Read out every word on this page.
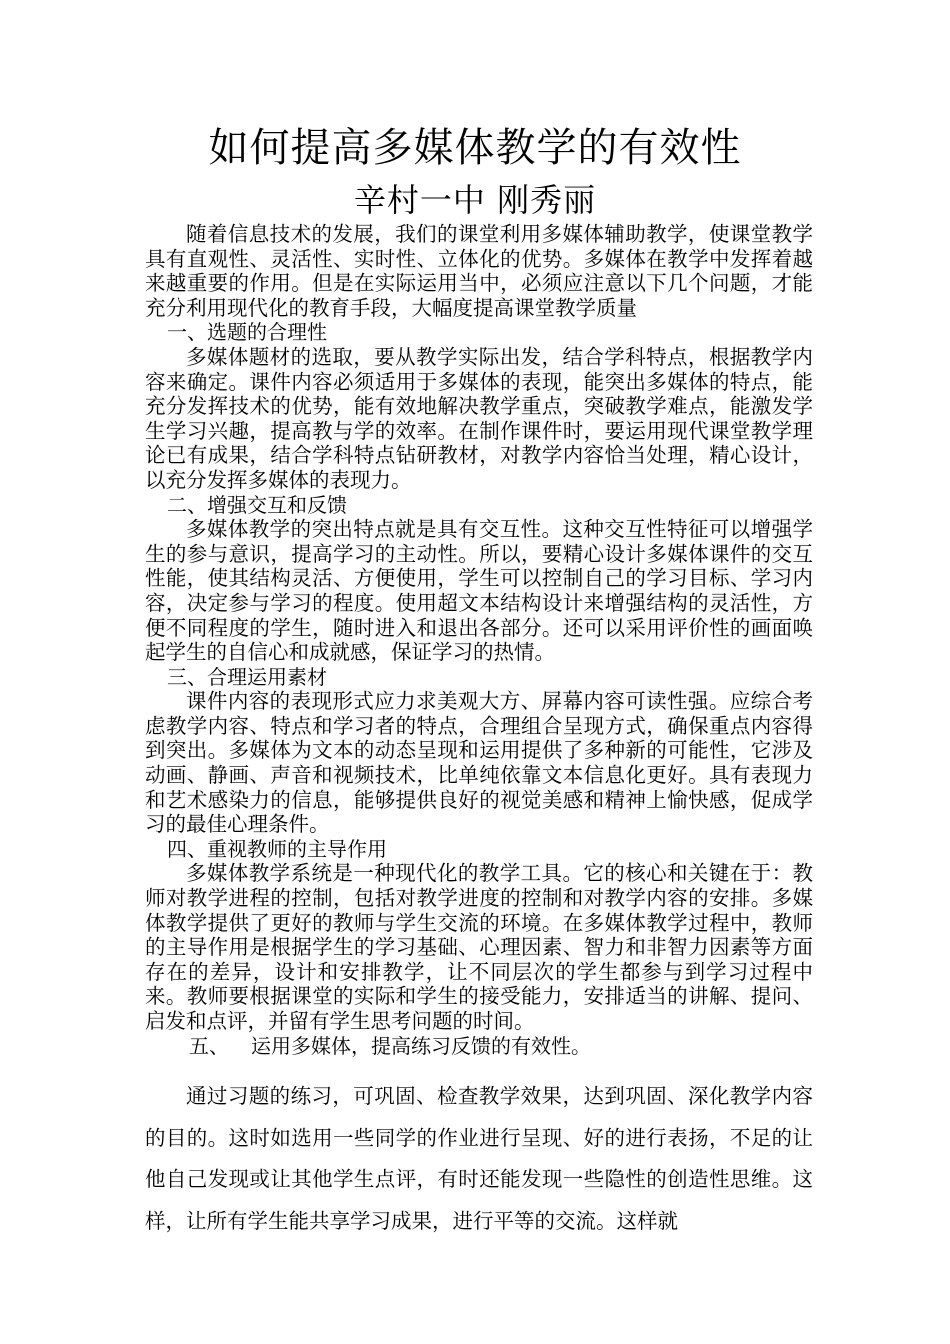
如何提高多媒体教学的有效性
辛村一中 刚秀丽

随着信息技术的发展，我们的课堂利用多媒体辅助教学，使课堂教学具有直观性、灵活性、实时性、立体化的优势。多媒体在教学中发挥着越来越重要的作用。但是在实际运用当中，必须应注意以下几个问题，才能充分利用现代化的教育手段，大幅度提高课堂教学质量

一、选题的合理性

多媒体题材的选取，要从教学实际出发，结合学科特点，根据教学内容来确定。课件内容必须适用于多媒体的表现，能突出多媒体的特点，能充分发挥技术的优势，能有效地解决教学重点，突破教学难点，能激发学生学习兴趣，提高教与学的效率。在制作课件时，要运用现代课堂教学理论已有成果，结合学科特点钻研教材，对教学内容恰当处理，精心设计，以充分发挥多媒体的表现力。

二、增强交互和反馈

多媒体教学的突出特点就是具有交互性。这种交互性特征可以增强学生的参与意识，提高学习的主动性。所以，要精心设计多媒体课件的交互性能，使其结构灵活、方便使用，学生可以控制自己的学习目标、学习内容，决定参与学习的程度。使用超文本结构设计来增强结构的灵活性，方便不同程度的学生，随时进入和退出各部分。还可以采用评价性的画面唤起学生的自信心和成就感，保证学习的热情。

三、合理运用素材

课件内容的表现形式应力求美观大方、屏幕内容可读性强。应综合考虑教学内容、特点和学习者的特点，合理组合呈现方式，确保重点内容得到突出。多媒体为文本的动态呈现和运用提供了多种新的可能性，它涉及动画、静画、声音和视频技术，比单纯依靠文本信息化更好。具有表现力和艺术感染力的信息，能够提供良好的视觉美感和精神上愉快感，促成学习的最佳心理条件。

四、重视教师的主导作用

多媒体教学系统是一种现代化的教学工具。它的核心和关键在于：教师对教学进程的控制，包括对教学进度的控制和对教学内容的安排。多媒体教学提供了更好的教师与学生交流的环境。在多媒体教学过程中，教师的主导作用是根据学生的学习基础、心理因素、智力和非智力因素等方面存在的差异，设计和安排教学，让不同层次的学生都参与到学习过程中来。教师要根据课堂的实际和学生的接受能力，安排适当的讲解、提问、启发和点评，并留有学生思考问题的时间。

五、 运用多媒体，提高练习反馈的有效性。

通过习题的练习，可巩固、检查教学效果，达到巩固、深化教学内容的目的。这时如选用一些同学的作业进行呈现、好的进行表扬，不足的让他自己发现或让其他学生点评，有时还能发现一些隐性的创造性思维。这样，让所有学生能共享学习成果，进行平等的交流。这样就
